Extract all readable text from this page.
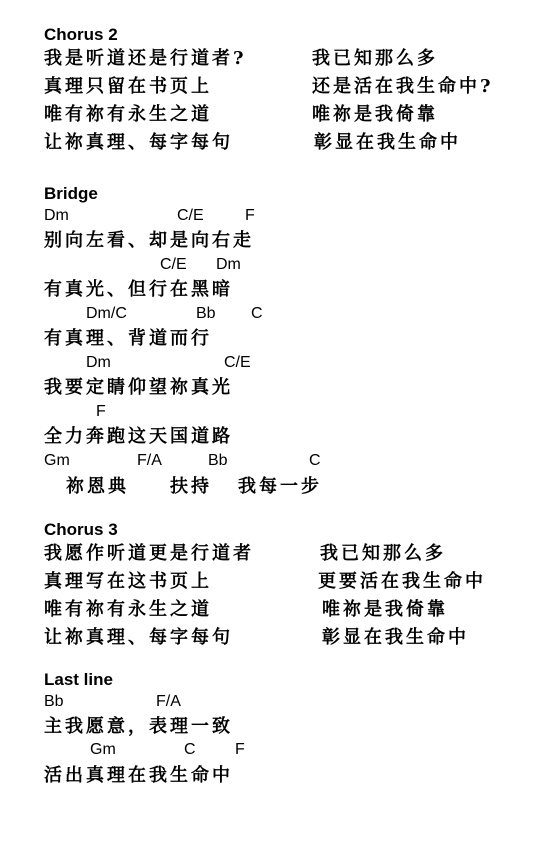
Chorus 2
我是听道还是行道者?	我已知那么多
真理只留在书页上	还是活在我生命中?
唯有祢有永生之道	唯祢是我倚靠
让祢真理、每字每句	彰显在我生命中
Bridge
Dm	C/E	F
别向左看、却是向右走
C/E Dm
有真光、但行在黑暗
Dm/C	Bb C
有真理、背道而行
Dm	C/E
我要定睛仰望祢真光
F
全力奔跑这天国道路
Gm	F/A	Bb	C
祢恩典 扶持 我每一步
Chorus 3
我愿作听道更是行道者	我已知那么多
真理写在这书页上	更要活在我生命中
唯有祢有永生之道	唯祢是我倚靠
让祢真理、每字每句	彰显在我生命中
Last line
Bb	F/A
主我愿意，表理一致
Gm	C F
活出真理在我生命中
